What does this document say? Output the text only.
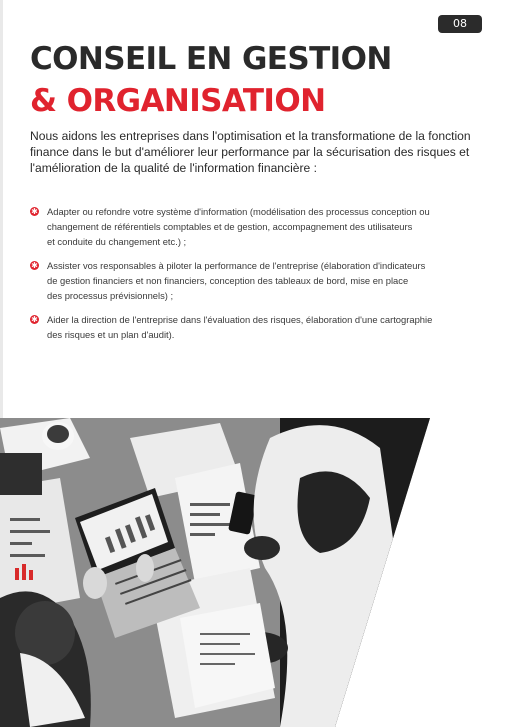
08
CONSEIL EN GESTION
& ORGANISATION

Nous aidons les entreprises dans l'optimisation et la transformatione de la fonction
finance dans le but d'améliorer leur performance par la sécurisation des risques et
l'amélioration de la qualité de l'information financière :

✱ Adapter ou refondre votre système d'information (modélisation des processus conception ou
changement de référentiels comptables et de gestion, accompagnement des utilisateurs
et conduite du changement etc.) ;
✱ Assister vos responsables à piloter la performance de l'entreprise (élaboration d'indicateurs
de gestion financiers et non financiers, conception des tableaux de bord, mise en place
des processus prévisionnels) ;
✱ Aider la direction de l'entreprise dans l'évaluation des risques, élaboration d'une cartographie
des risques et un plan d'audit).
